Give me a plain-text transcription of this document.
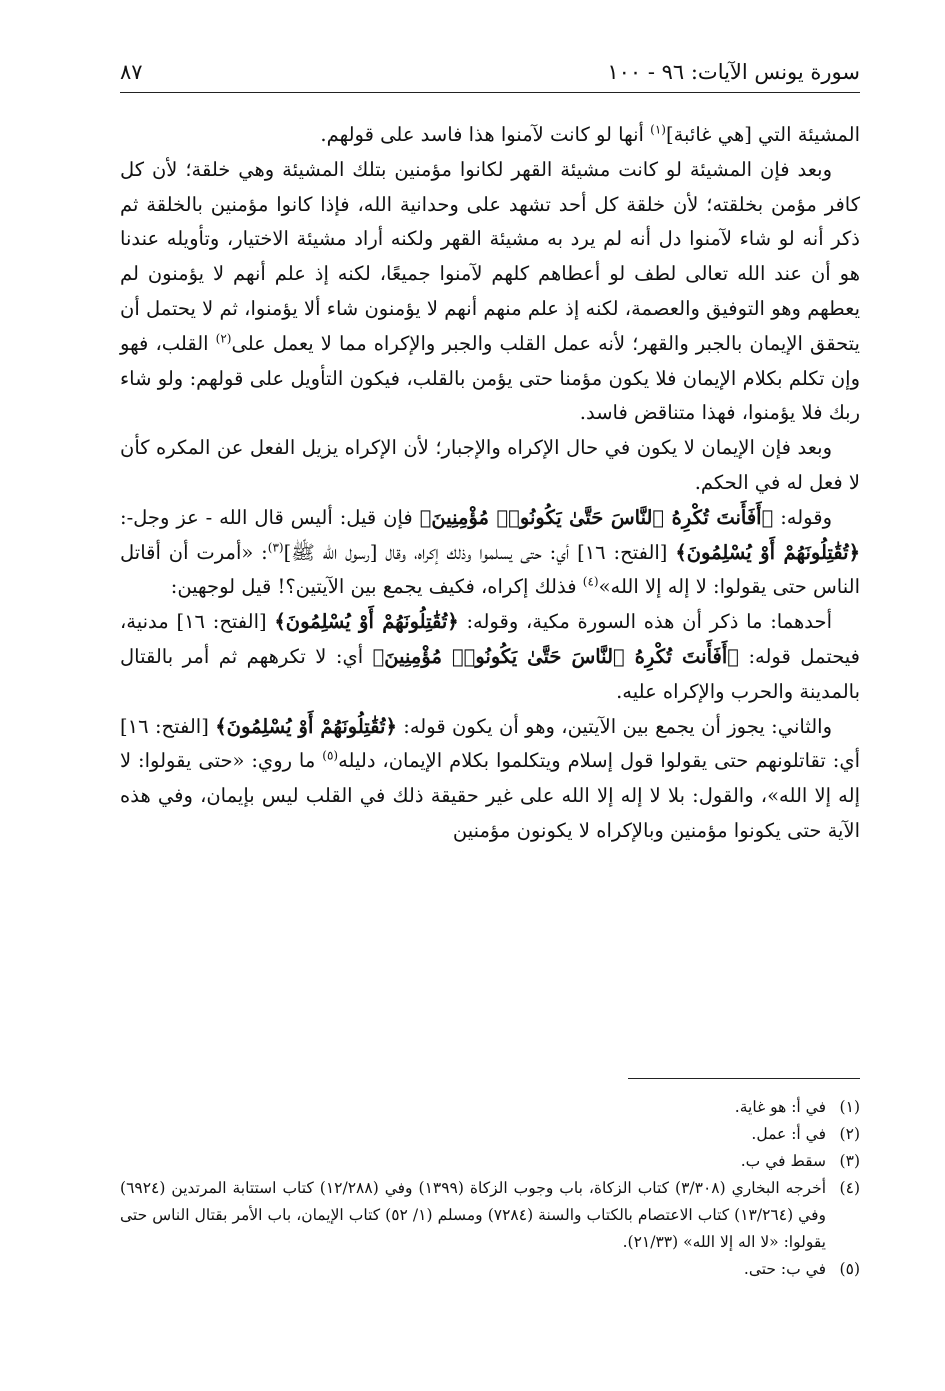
سورة يونس الآيات: ٩٦ - ١٠٠
٨٧

المشيئة التي [هي غائبة]$^{(١)}$ أنها لو كانت لآمنوا هذا فاسد على قولهم.

وبعد فإن المشيئة لو كانت مشيئة القهر لكانوا مؤمنين بتلك المشيئة وهي خلقة؛ لأن كل كافر مؤمن بخلقته؛ لأن خلقة كل أحد تشهد على وحدانية الله، فإذا كانوا مؤمنين بالخلقة ثم ذكر أنه لو شاء لآمنوا دل أنه لم يرد به مشيئة القهر ولكنه أراد مشيئة الاختيار، وتأويله عندنا هو أن عند الله تعالى لطف لو أعطاهم كلهم لآمنوا جميعًا، لكنه إذ علم أنهم لا يؤمنون لم يعطهم وهو التوفيق والعصمة، لكنه إذ علم منهم أنهم لا يؤمنون شاء ألا يؤمنوا، ثم لا يحتمل أن يتحقق الإيمان بالجبر والقهر؛ لأنه عمل القلب والجبر والإكراه مما لا يعمل على$^{(٢)}$ القلب، فهو وإن تكلم بكلام الإيمان فلا يكون مؤمنا حتى يؤمن بالقلب، فيكون التأويل على قولهم: ولو شاء ربك فلا يؤمنوا، فهذا متناقض فاسد.

وبعد فإن الإيمان لا يكون في حال الإكراه والإجبار؛ لأن الإكراه يزيل الفعل عن المكره كأن لا فعل له في الحكم.

وقوله: ﴿أَفَأَنتَ تُكْرِهُ ٱلنَّاسَ حَتَّىٰ يَكُونُوا۟ مُؤْمِنِينَ﴾ فإن قيل: أليس قال الله - عز وجل-: ﴿تُقَٰتِلُونَهُمْ أَوْ يُسْلِمُونَ﴾ [الفتح: ١٦] أي: حتى يسلموا وذلك إكراه، وقال [رسول الله ﷺ]$^{(٣)}$: «أمرت أن أقاتل الناس حتى يقولوا: لا إله إلا الله»$^{(٤)}$ فذلك إكراه، فكيف يجمع بين الآيتين؟! قيل لوجهين:

أحدهما: ما ذكر أن هذه السورة مكية، وقوله: ﴿تُقَٰتِلُونَهُمْ أَوْ يُسْلِمُونَ﴾ [الفتح: ١٦] مدنية، فيحتمل قوله: ﴿أَفَأَنتَ تُكْرِهُ ٱلنَّاسَ حَتَّىٰ يَكُونُوا۟ مُؤْمِنِينَ﴾ أي: لا تكرههم ثم أمر بالقتال بالمدينة والحرب والإكراه عليه.

والثاني: يجوز أن يجمع بين الآيتين، وهو أن يكون قوله: ﴿تُقَٰتِلُونَهُمْ أَوْ يُسْلِمُونَ﴾ [الفتح: ١٦] أي: تقاتلونهم حتى يقولوا قول إسلام ويتكلموا بكلام الإيمان، دليله$^{(٥)}$ ما روي: «حتى يقولوا: لا إله إلا الله»، والقول: بلا لا إله إلا الله على غير حقيقة ذلك في القلب ليس بإيمان، وفي هذه الآية حتى يكونوا مؤمنين وبالإكراه لا يكونون مؤمنين

(١)
في أ: هو غاية.
(٢)
في أ: عمل.
(٣)
سقط في ب.
(٤)
أخرجه البخاري (٣/٣٠٨) كتاب الزكاة، باب وجوب الزكاة (١٣٩٩) وفي (١٢/٢٨٨) كتاب استتابة المرتدين (٦٩٢٤) وفي (١٣/٢٦٤) كتاب الاعتصام بالكتاب والسنة (٧٢٨٤) ومسلم (١/ ٥٢) كتاب الإيمان، باب الأمر بقتال الناس حتى يقولوا: «لا اله إلا الله» (٢١/٣٣).
(٥)
في ب: حتى.
